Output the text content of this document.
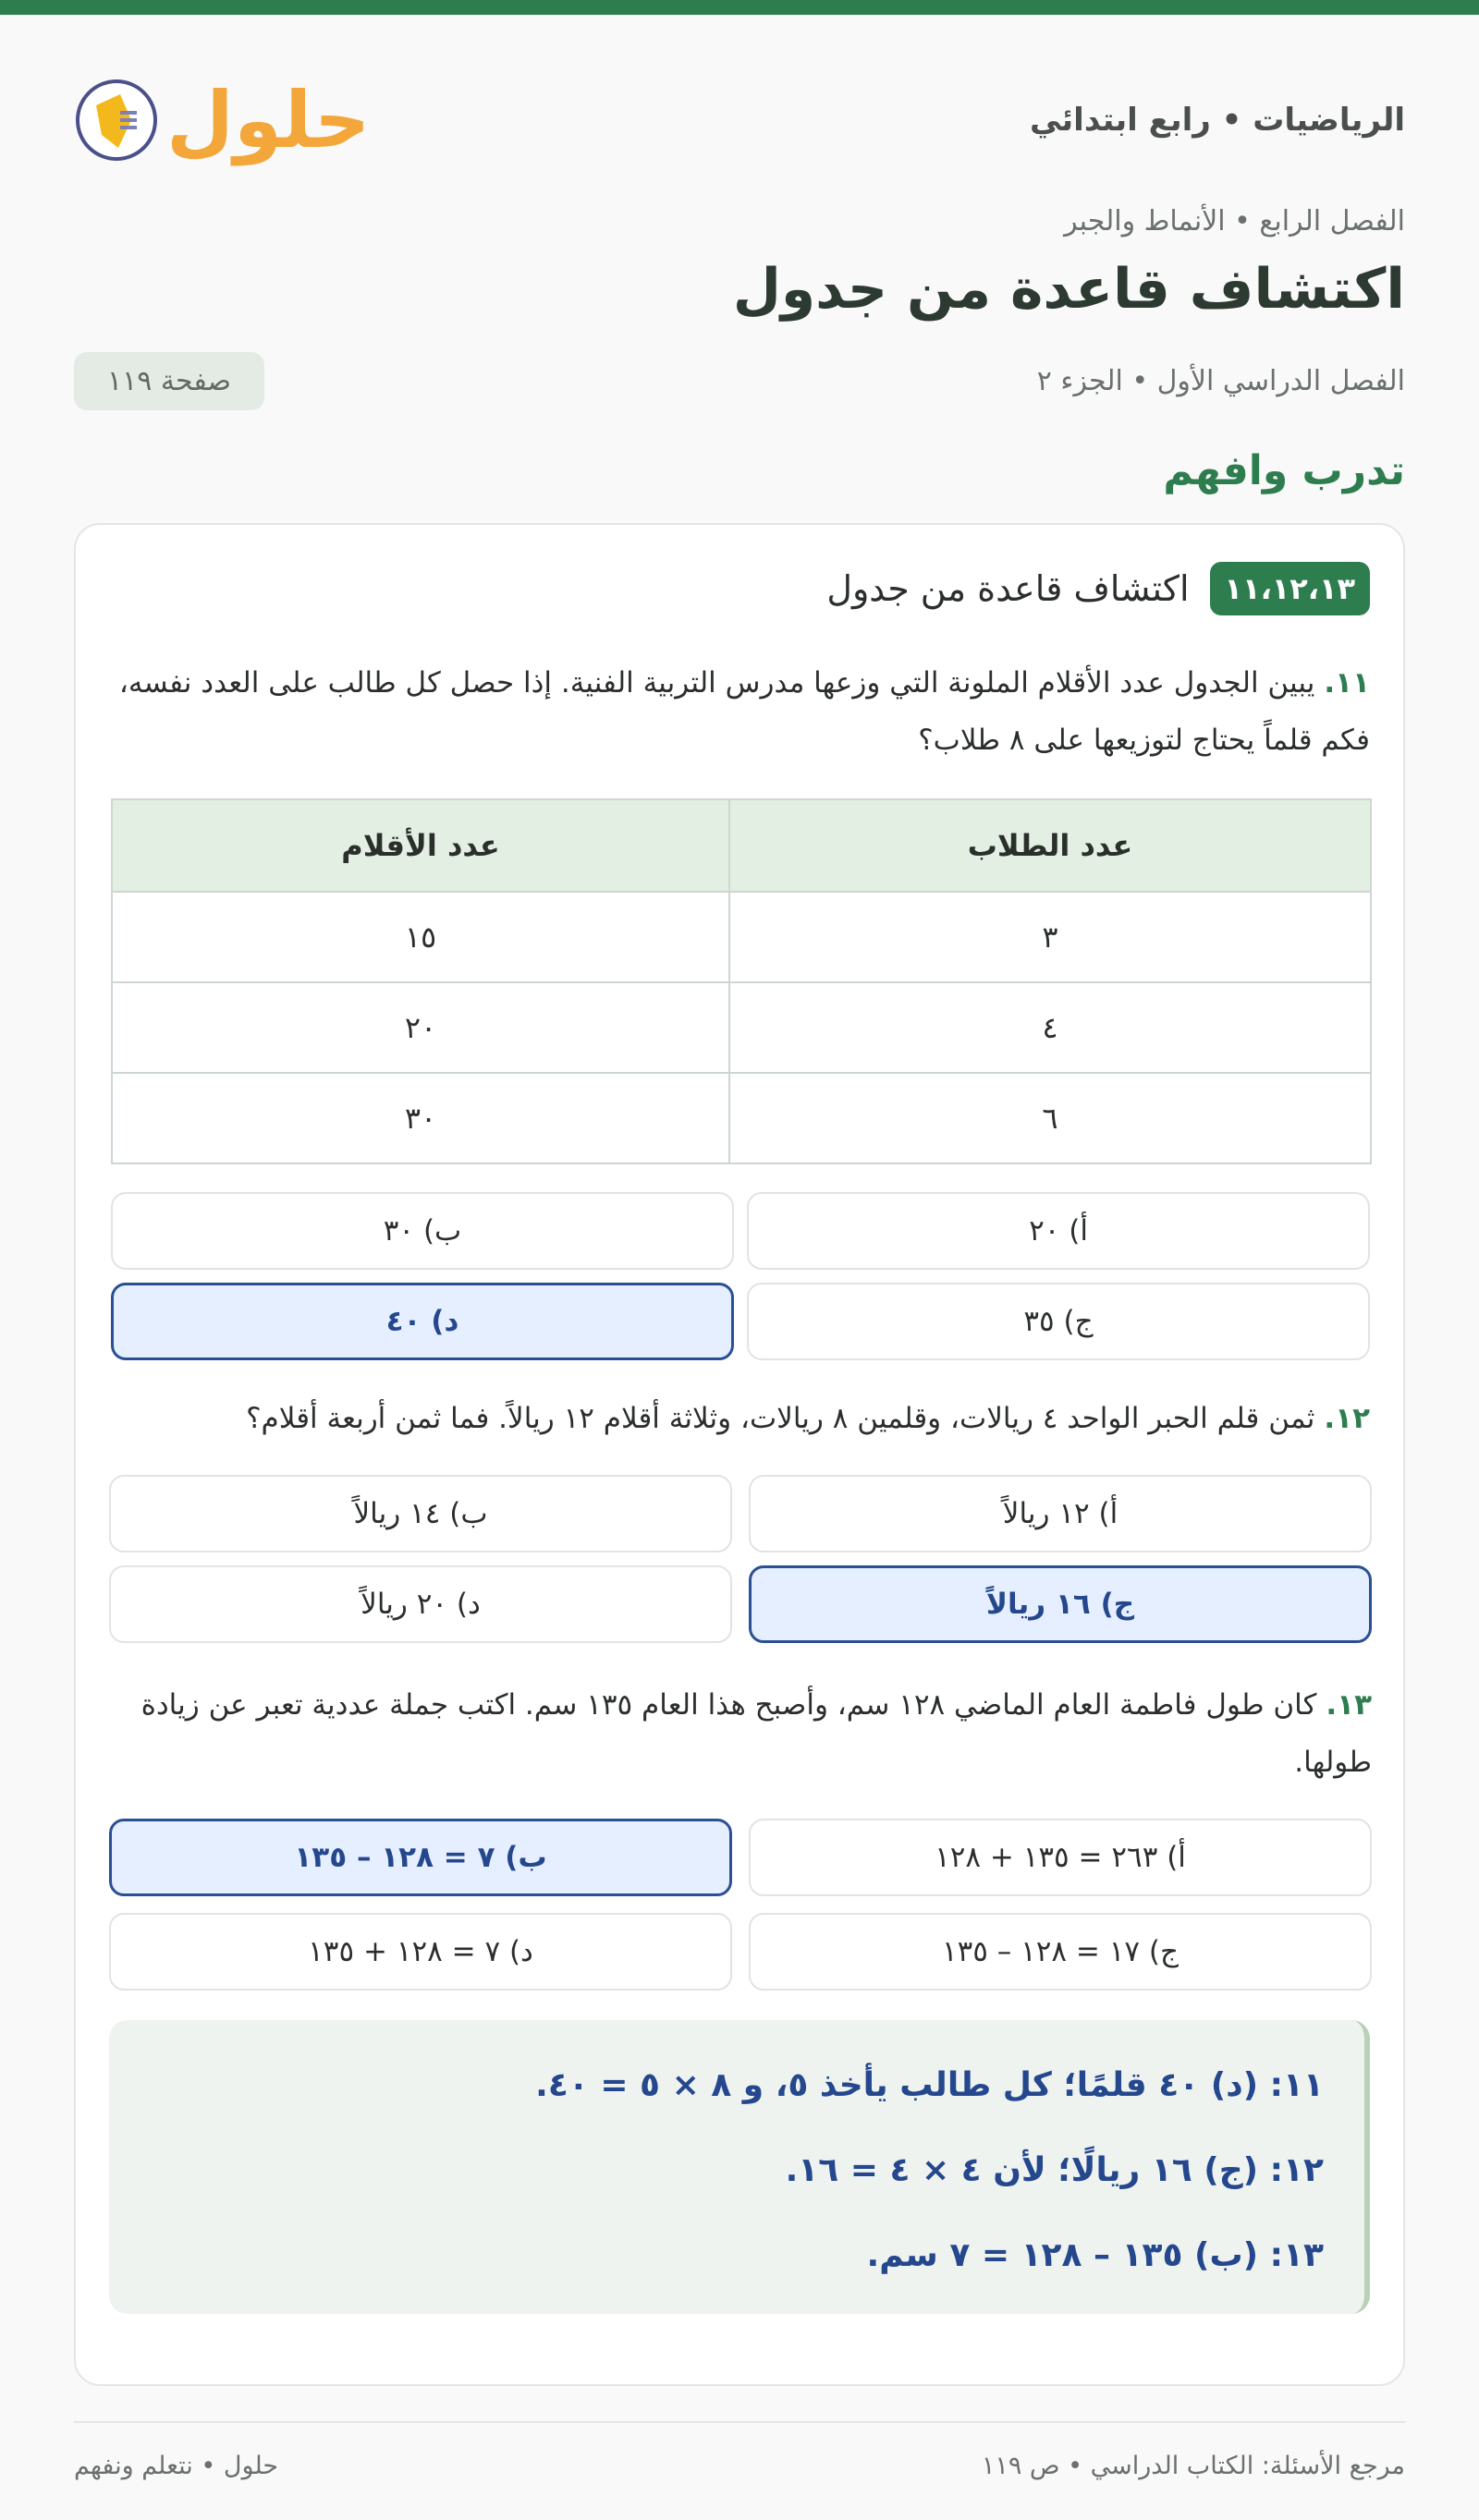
الرياضيات • رابع ابتدائي
حلول
الفصل الرابع • الأنماط والجبر
اكتشاف قاعدة من جدول
الفصل الدراسي الأول • الجزء ٢
صفحة ١١٩
تدرب وافهم
١١،١٢،١٣
اكتشاف قاعدة من جدول
١١.يبين الجدول عدد الأقلام الملونة التي وزعها مدرس التربية الفنية. إذا حصل كل طالب على العدد نفسه، فكم قلماً يحتاج لتوزيعها على ٨ طلاب؟
عدد الطلاب	عدد الأقلام
٣	١٥
٤	٢٠
٦	٣٠
أ) ٢٠
ب) ٣٠
ج) ٣٥
د) ٤٠
١٢.ثمن قلم الحبر الواحد ٤ ريالات، وقلمين ٨ ريالات، وثلاثة أقلام ١٢ ريالاً. فما ثمن أربعة أقلام؟
أ) ١٢ ريالاً
ب) ١٤ ريالاً
ج) ١٦ ريالاً
د) ٢٠ ريالاً
١٣.كان طول فاطمة العام الماضي ١٢٨ سم، وأصبح هذا العام ١٣٥ سم. اكتب جملة عددية تعبر عن زيادة طولها.
أ) ٢٦٣ = ١٣٥ + ١٢٨
ب) ٧ = ١٢٨ – ١٣٥
ج) ١٧ = ١٢٨ – ١٣٥
د) ٧ = ١٢٨ + ١٣٥
١١: (د) ٤٠ قلمًا؛ كل طالب يأخذ ٥، و ٨ × ٥ = ٤٠.
١٢: (ج) ١٦ ريالًا؛ لأن ٤ × ٤ = ١٦.
١٣: (ب) ١٣٥ – ١٢٨ = ٧ سم.
مرجع الأسئلة: الكتاب الدراسي • ص ١١٩
حلول • نتعلم ونفهم
